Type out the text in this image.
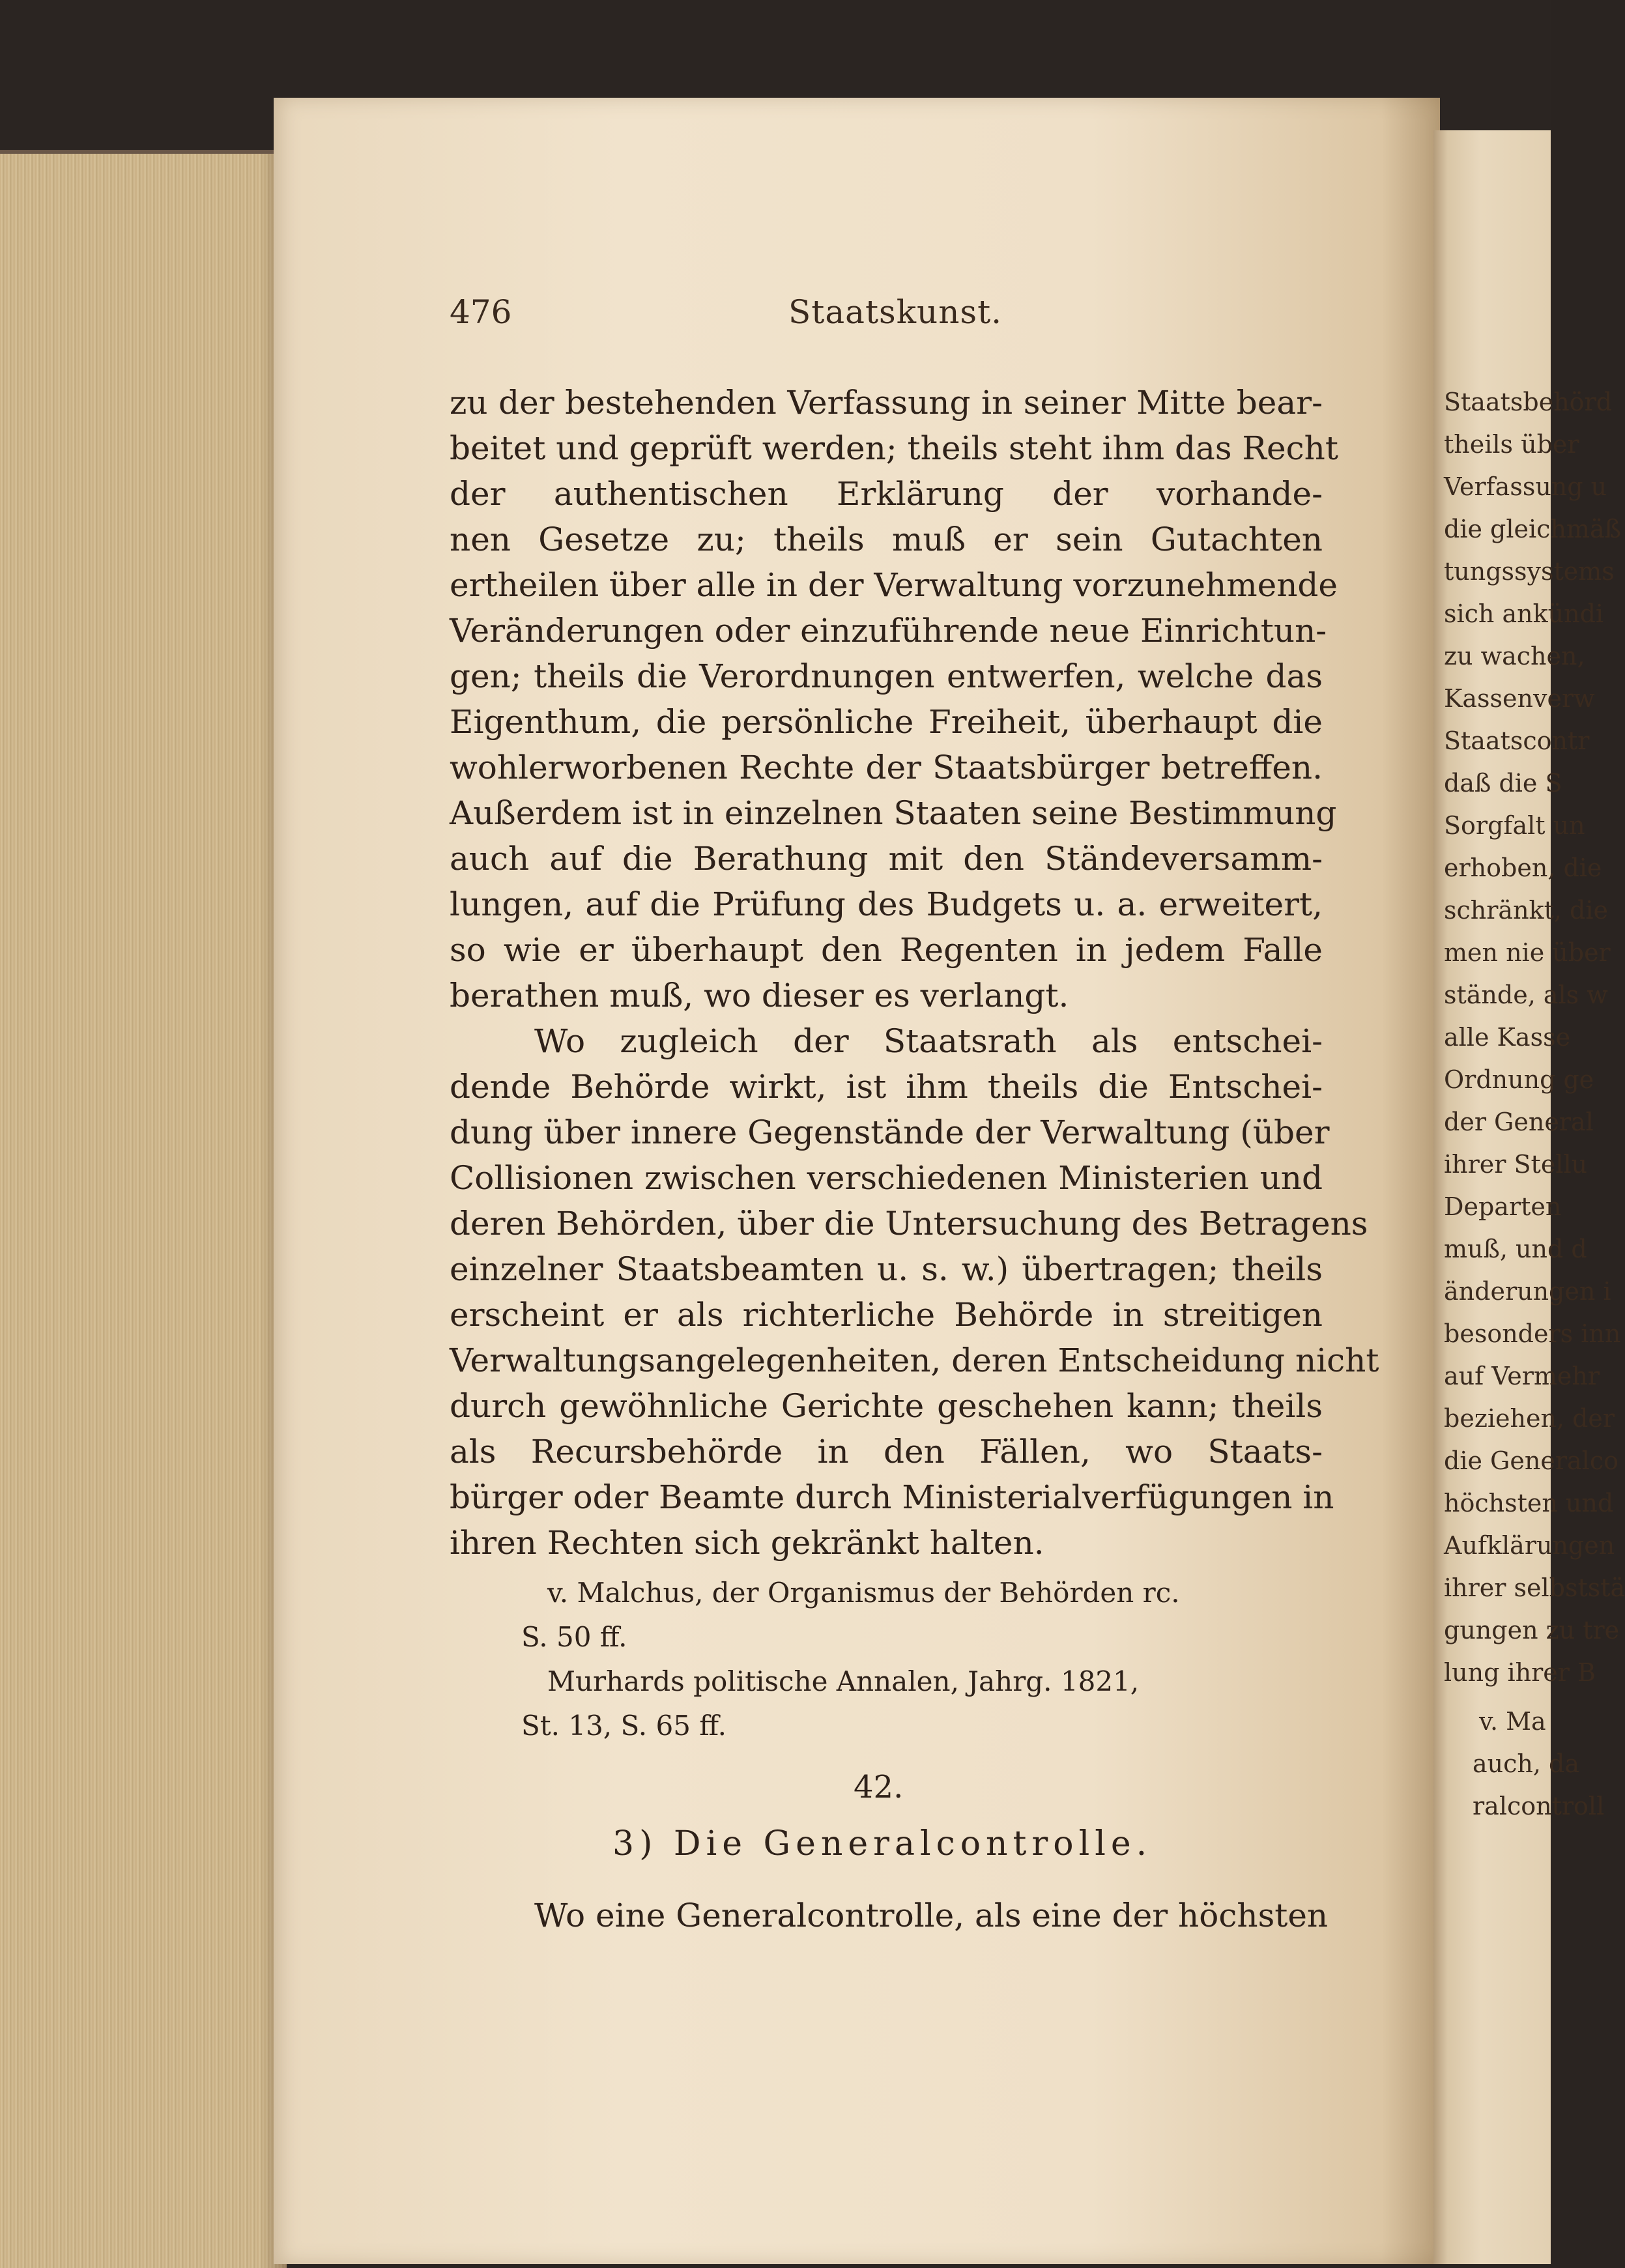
476	Staatskunst.
zu der bestehenden Verfassung in seiner Mitte bear-
beitet und geprüft werden; theils steht ihm das Recht
der authentischen Erklärung der vorhande-
nen Gesetze zu; theils muß er sein Gutachten
ertheilen über alle in der Verwaltung vorzunehmende
Veränderungen oder einzuführende neue Einrichtun-
gen; theils die Verordnungen entwerfen, welche das
Eigenthum, die persönliche Freiheit, überhaupt die
wohlerworbenen Rechte der Staatsbürger betreffen.
Außerdem ist in einzelnen Staaten seine Bestimmung
auch auf die Berathung mit den Ständeversamm-
lungen, auf die Prüfung des Budgets u. a. erweitert,
so wie er überhaupt den Regenten in jedem Falle
berathen muß, wo dieser es verlangt.
Wo zugleich der Staatsrath als entschei-
dende Behörde wirkt, ist ihm theils die Entschei-
dung über innere Gegenstände der Verwaltung (über
Collisionen zwischen verschiedenen Ministerien und
deren Behörden, über die Untersuchung des Betragens
einzelner Staatsbeamten u. s. w.) übertragen; theils
erscheint er als richterliche Behörde in streitigen
Verwaltungsangelegenheiten, deren Entscheidung nicht
durch gewöhnliche Gerichte geschehen kann; theils
als Recursbehörde in den Fällen, wo Staats-
bürger oder Beamte durch Ministerialverfügungen in
ihren Rechten sich gekränkt halten.
v. Malchus, der Organismus der Behörden rc.
S. 50 ff.
Murhards politische Annalen, Jahrg. 1821,
St. 13, S. 65 ff.
42.
3) Die Generalcontrolle.
Wo eine Generalcontrolle, als eine der höchsten
Staatsbehörd
theils über
Verfassung u
die gleichmäß
tungssystems
sich ankündi
zu wachen,
Kassenverw
Staatscontr
daß die S
Sorgfalt un
erhoben, die
schränkt, die
men nie über
stände, als w
alle Kasse
Ordnung ge
der General
ihrer Stellu
Departen
muß, und d
änderungen i
besonders inn
auf Vermehr
beziehen, der
die Generalco
höchsten und
Aufklärungen
ihrer selbststä
gungen zu tre
lung ihrer B
v. Ma
auch, da
ralcontroll
